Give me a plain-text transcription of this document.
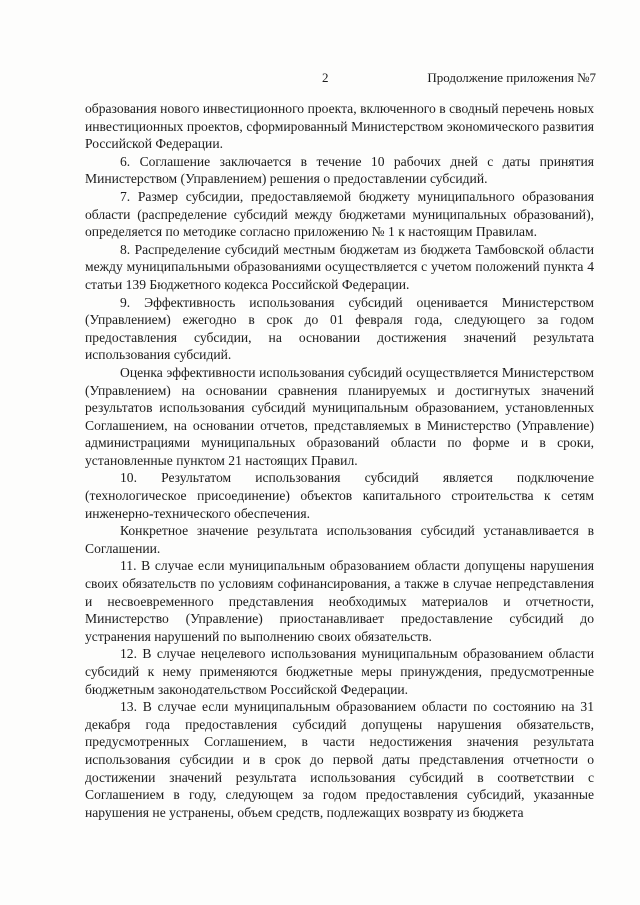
2	Продолжение приложения №7

образования нового инвестиционного проекта, включенного в сводный перечень новых инвестиционных проектов, сформированный Министерством экономического развития Российской Федерации.

6. Соглашение заключается в течение 10 рабочих дней с даты принятия Министерством (Управлением) решения о предоставлении субсидий.

7. Размер субсидии, предоставляемой бюджету муниципального образования области (распределение субсидий между бюджетами муниципальных образований), определяется по методике согласно приложению № 1 к настоящим Правилам.

8. Распределение субсидий местным бюджетам из бюджета Тамбовской области между муниципальными образованиями осуществляется с учетом положений пункта 4 статьи 139 Бюджетного кодекса Российской Федерации.

9. Эффективность использования субсидий оценивается Министерством (Управлением) ежегодно в срок до 01 февраля года, следующего за годом предоставления субсидии, на основании достижения значений результата использования субсидий.

Оценка эффективности использования субсидий осуществляется Министерством (Управлением) на основании сравнения планируемых и достигнутых значений результатов использования субсидий муниципальным образованием, установленных Соглашением, на основании отчетов, представляемых в Министерство (Управление) администрациями муниципальных образований области по форме и в сроки, установленные пунктом 21 настоящих Правил.

10. Результатом использования субсидий является подключение (технологическое присоединение) объектов капитального строительства к сетям инженерно-технического обеспечения.

Конкретное значение результата использования субсидий устанавливается в Соглашении.

11. В случае если муниципальным образованием области допущены нарушения своих обязательств по условиям софинансирования, а также в случае непредставления и несвоевременного представления необходимых материалов и отчетности, Министерство (Управление) приостанавливает предоставление субсидий до устранения нарушений по выполнению своих обязательств.

12. В случае нецелевого использования муниципальным образованием области субсидий к нему применяются бюджетные меры принуждения, предусмотренные бюджетным законодательством Российской Федерации.

13. В случае если муниципальным образованием области по состоянию на 31 декабря года предоставления субсидий допущены нарушения обязательств, предусмотренных Соглашением, в части недостижения значения результата использования субсидии и в срок до первой даты представления отчетности о достижении значений результата использования субсидий в соответствии с Соглашением в году, следующем за годом предоставления субсидий, указанные нарушения не устранены, объем средств, подлежащих возврату из бюджета
